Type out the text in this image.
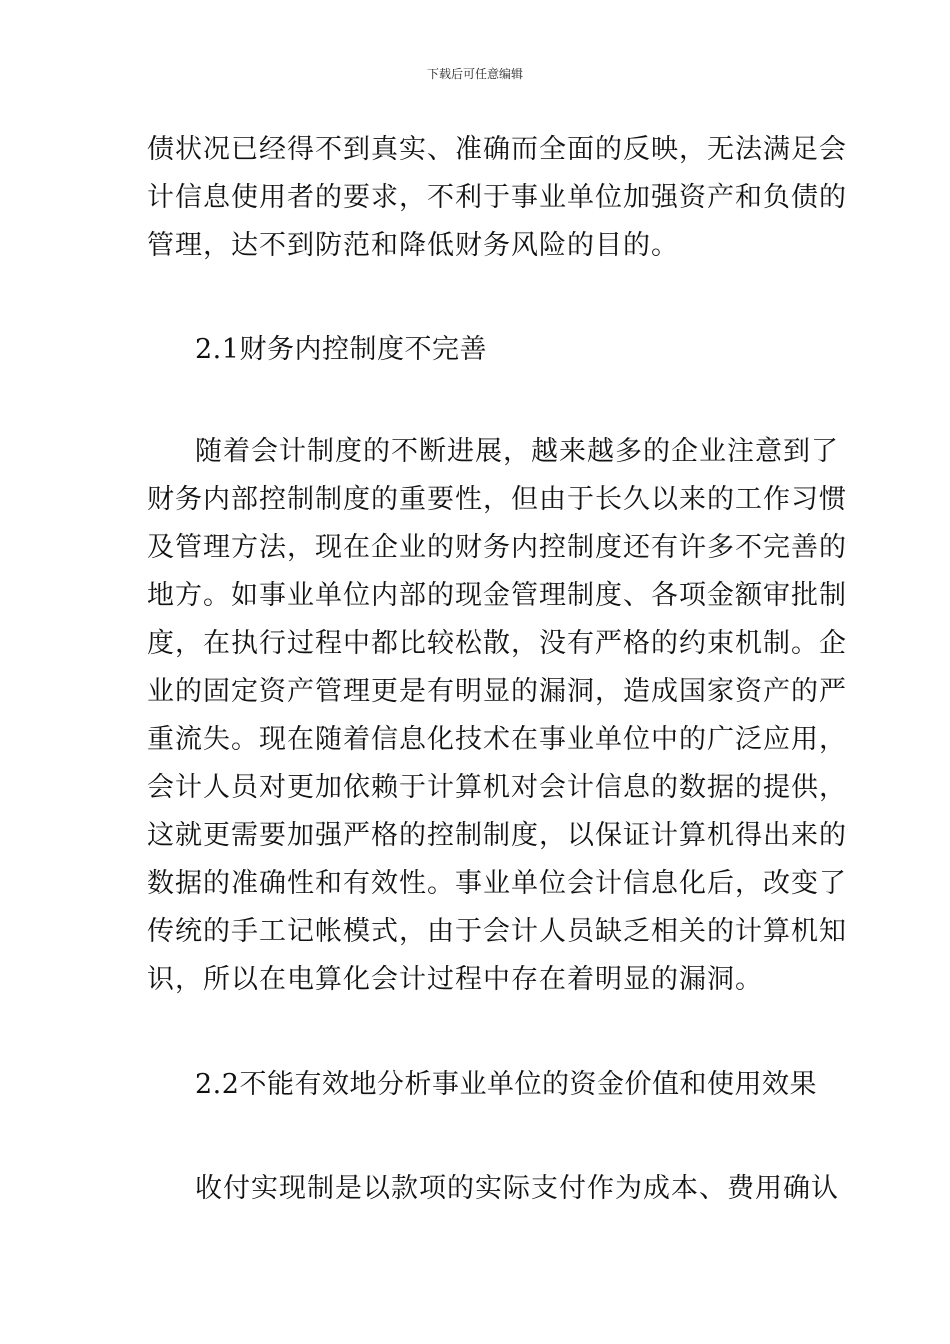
下载后可任意编辑
债状况已经得不到真实、准确而全面的反映，无法满足会
计信息使用者的要求，不利于事业单位加强资产和负债的
管理，达不到防范和降低财务风险的目的。
2.1财务内控制度不完善
随着会计制度的不断进展，越来越多的企业注意到了
财务内部控制制度的重要性，但由于长久以来的工作习惯
及管理方法，现在企业的财务内控制度还有许多不完善的
地方。如事业单位内部的现金管理制度、各项金额审批制
度，在执行过程中都比较松散，没有严格的约束机制。企
业的固定资产管理更是有明显的漏洞，造成国家资产的严
重流失。现在随着信息化技术在事业单位中的广泛应用，
会计人员对更加依赖于计算机对会计信息的数据的提供，
这就更需要加强严格的控制制度，以保证计算机得出来的
数据的准确性和有效性。事业单位会计信息化后，改变了
传统的手工记帐模式，由于会计人员缺乏相关的计算机知
识，所以在电算化会计过程中存在着明显的漏洞。
2.2不能有效地分析事业单位的资金价值和使用效果
收付实现制是以款项的实际支付作为成本、费用确认
